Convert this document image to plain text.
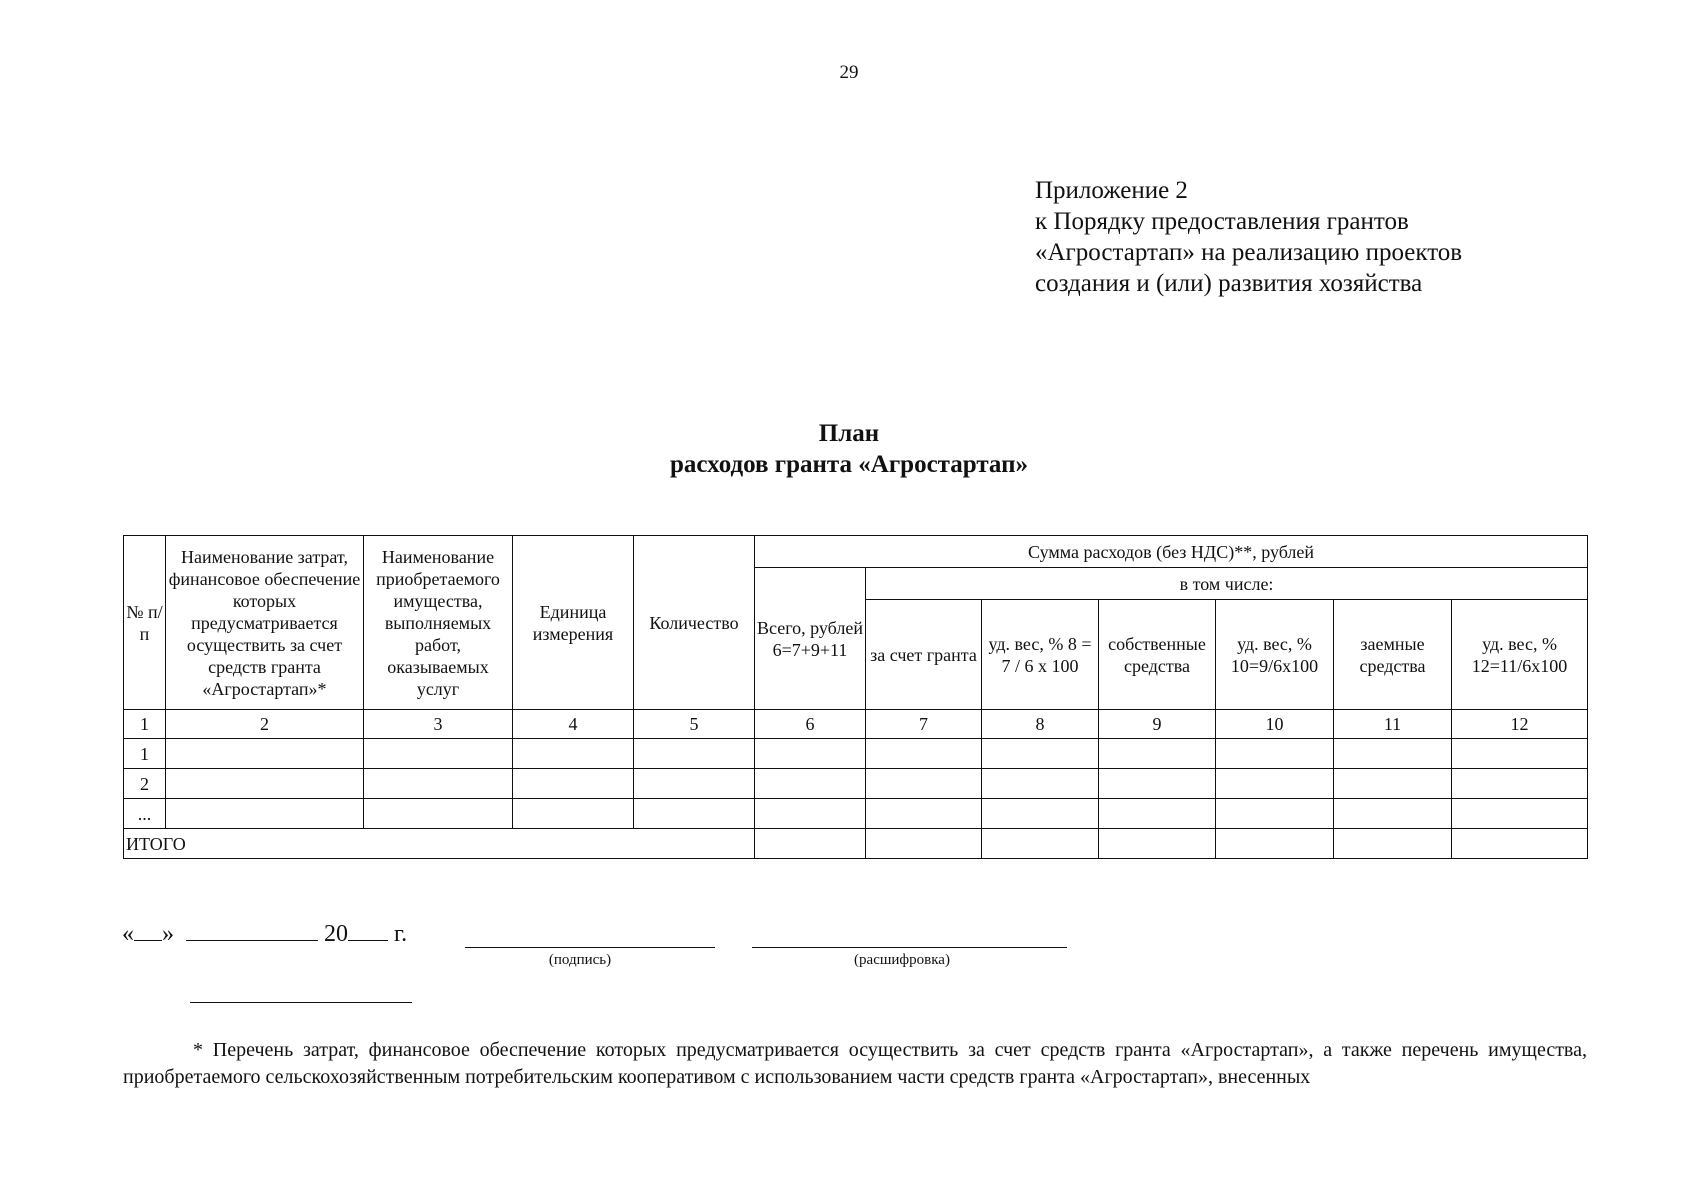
29
Приложение 2
к Порядку предоставления грантов
«Агростартап» на реализацию проектов
создания и (или) развития хозяйства
План
расходов гранта «Агростартап»
№ п/п	Наименование затрат, финансовое обеспечение которых предусматривается осуществить за счет средств гранта «Агростартап»*	Наименование приобретаемого имущества, выполняемых работ, оказываемых услуг	Единица измерения	Количество	Сумма расходов (без НДС)**, рублей						
					Всего, рублей 6=7+9+11	в том числе:					
						за счет гранта	уд. вес, % 8 = 7 / 6 х 100	собственные средства	уд. вес, % 10=9/6х100	заемные средства	уд. вес, % 12=11/6х100
1	2	3	4	5	6	7	8	9	10	11	12
1											
2											
...											
ИТОГО											
« »	20 г.
(подпись)	(расшифровка)
* Перечень затрат, финансовое обеспечение которых предусматривается осуществить за счет средств гранта «Агростартап», а также перечень имущества, приобретаемого сельскохозяйственным потребительским кооперативом с использованием части средств гранта «Агростартап», внесенных
